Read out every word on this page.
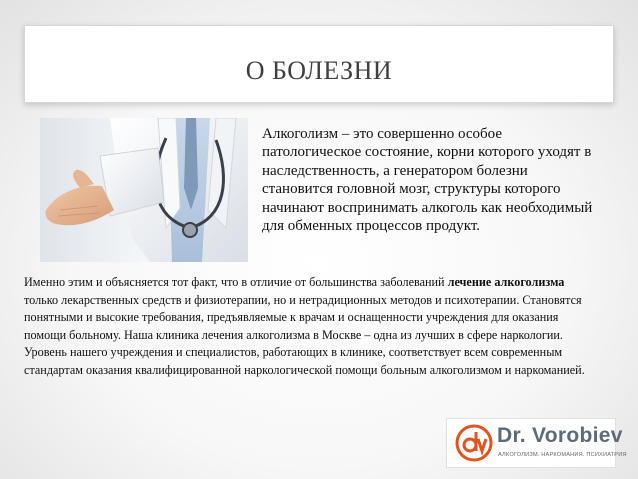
О БОЛЕЗНИ
Алкоголизм – это совершенно особое патологическое состояние, корни которого уходят в наследственность, а генератором болезни становится головной мозг, структуры которого начинают воспринимать алкоголь как необходимый для обменных процессов продукт.
Именно этим и объясняется тот факт, что в отличие от большинства заболеваний лечение алкоголизма только лекарственных средств и физиотерапии, но и нетрадиционных методов и психотерапии. Становятся понятными и высокие требования, предъявляемые к врачам и оснащенности учреждения для оказания помощи больному. Наша клиника лечения алкоголизма в Москве – одна из лучших в сфере наркологии. Уровень нашего учреждения и специалистов, работающих в клинике, соответствует всем современным стандартам оказания квалифицированной наркологической помощи больным алкоголизмом и наркоманией.
Dr. Vorobiev
АЛКОГОЛИЗМ. НАРКОМАНИЯ. ПСИХИАТРИЯ
